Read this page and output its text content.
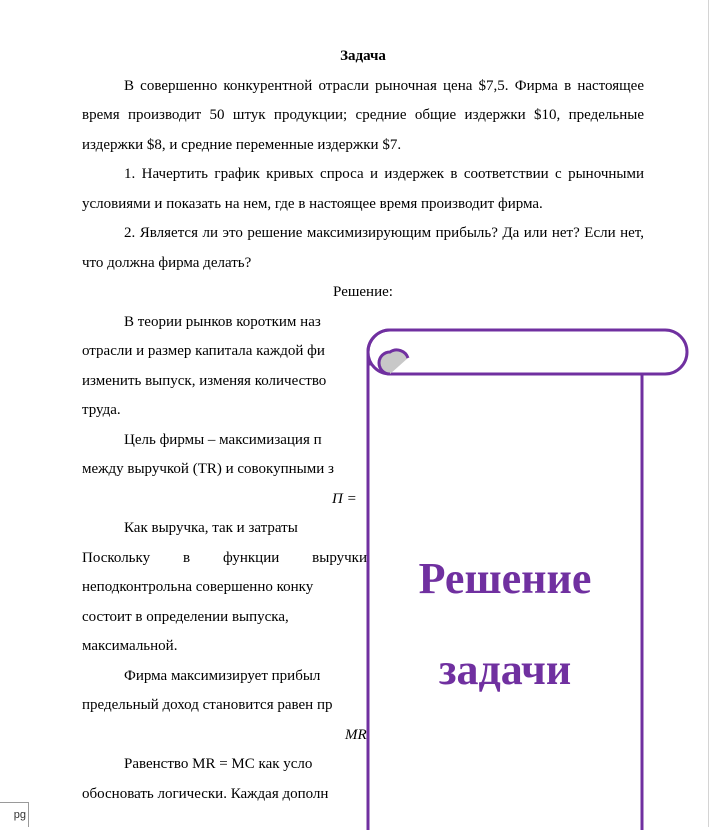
Задача

В совершенно конкурентной отрасли рыночная цена $7,5. Фирма в настоящее время производит 50 штук продукции; средние общие издержки $10, предельные издержки $8, и средние переменные издержки $7.

1. Начертить график кривых спроса и издержек в соответствии с рыночными условиями и показать на нем, где в настоящее время производит фирма.

2. Является ли это решение максимизирующим прибыль? Да или нет? Если нет, что должна фирма делать?

Решение:

В теории рынков коротким наз

отрасли и размер капитала каждой фи

изменить выпуск, изменяя количество

труда.

Цель фирмы – максимизация п

между выручкой (TR) и совокупными з

П =

Как выручка, так и затраты

Поскольку в функции выручки

неподконтрольна совершенно конку

состоит в определении выпуска,

максимальной.

Фирма максимизирует прибыл

предельный доход становится равен пр

MR

Равенство MR = MC как усло

обосновать логически. Каждая дополн

Решение
задачи
pg
